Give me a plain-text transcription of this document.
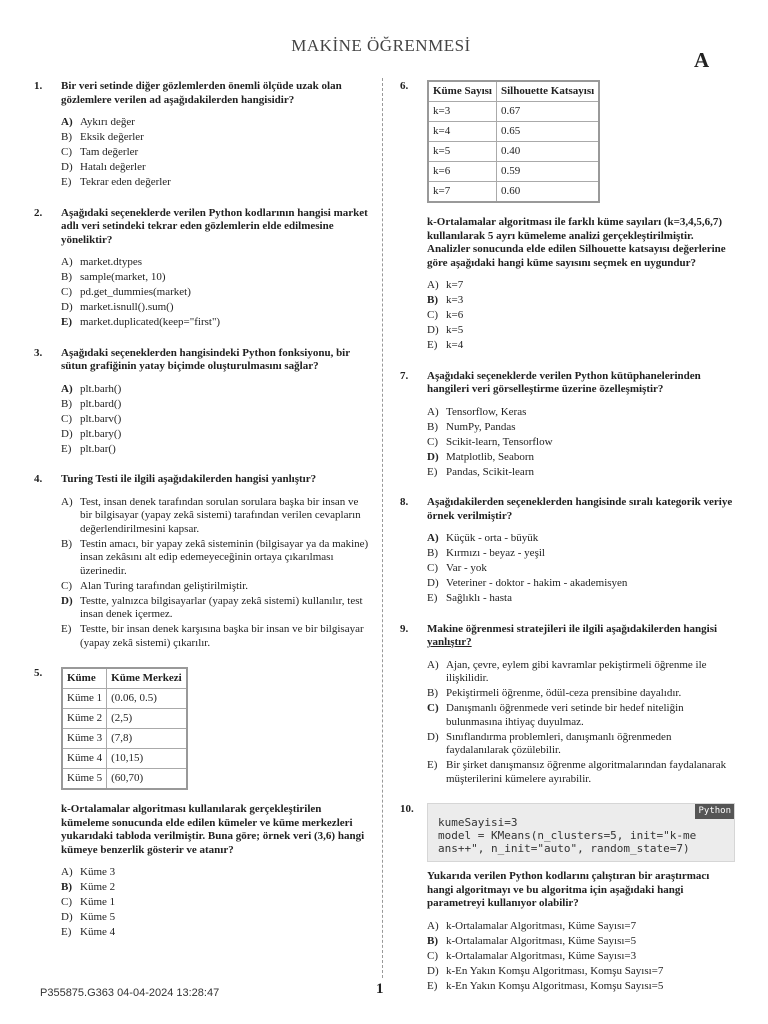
MAKİNE ÖĞRENMESİ
A
1. Bir veri setinde diğer gözlemlerden önemli ölçüde uzak olan gözlemlere verilen ad aşağıdakilerden hangisidir?

A) Aykırı değer
B) Eksik değerler
C) Tam değerler
D) Hatalı değerler
E) Tekrar eden değerler
2. Aşağıdaki seçeneklerde verilen Python kodlarının hangisi market adlı veri setindeki tekrar eden gözlemlerin elde edilmesine yöneliktir?

A) market.dtypes
B) sample(market, 10)
C) pd.get_dummies(market)
D) market.isnull().sum()
E) market.duplicated(keep="first")
3. Aşağıdaki seçeneklerden hangisindeki Python fonksiyonu, bir sütun grafiğinin yatay biçimde oluşturulmasını sağlar?

A) plt.barh()
B) plt.bard()
C) plt.barv()
D) plt.bary()
E) plt.bar()
4. Turing Testi ile ilgili aşağıdakilerden hangisi yanlıştır?

A) Test, insan denek tarafından sorulan sorulara başka bir insan ve bir bilgisayar (yapay zekâ sistemi) tarafından verilen cevapların değerlendirilmesini kapsar.
B) Testin amacı, bir yapay zekâ sisteminin (bilgisayar ya da makine) insan zekâsını alt edip edemeyeceğinin ortaya çıkarılması üzerinedir.
C) Alan Turing tarafından geliştirilmiştir.
D) Testte, yalnızca bilgisayarlar (yapay zekâ sistemi) kullanılır, test insan denek içermez.
E) Testte, bir insan denek karşısına başka bir insan ve bir bilgisayar (yapay zekâ sistemi) çıkarılır.
5. Küme	Küme Merkezi
Küme 1	(0.06, 0.5)
Küme 2	(2,5)
Küme 3	(7,8)
Küme 4	(10,15)
Küme 5	(60,70)

k-Ortalamalar algoritması kullanılarak gerçekleştirilen kümeleme sonucunda elde edilen kümeler ve küme merkezleri yukarıdaki tabloda verilmiştir. Buna göre; örnek veri (3,6) hangi kümeye benzerlik gösterir ve atanır?

A) Küme 3
B) Küme 2
C) Küme 1
D) Küme 5
E) Küme 4
6. Küme Sayısı	Silhouette Katsayısı
k=3	0.67
k=4	0.65
k=5	0.40
k=6	0.59
k=7	0.60

k-Ortalamalar algoritması ile farklı küme sayıları (k=3,4,5,6,7) kullanılarak 5 ayrı kümeleme analizi gerçekleştirilmiştir. Analizler sonucunda elde edilen Silhouette katsayısı değerlerine göre aşağıdaki hangi küme sayısını seçmek en uygundur?

A) k=7
B) k=3
C) k=6
D) k=5
E) k=4
7. Aşağıdaki seçeneklerde verilen Python kütüphanelerinden hangileri veri görselleştirme üzerine özelleşmiştir?

A) Tensorflow, Keras
B) NumPy, Pandas
C) Scikit-learn, Tensorflow
D) Matplotlib, Seaborn
E) Pandas, Scikit-learn
8. Aşağıdakilerden seçeneklerden hangisinde sıralı kategorik veriye örnek verilmiştir?

A) Küçük - orta - büyük
B) Kırmızı - beyaz - yeşil
C) Var - yok
D) Veteriner - doktor - hakim - akademisyen
E) Sağlıklı - hasta
9. Makine öğrenmesi stratejileri ile ilgili aşağıdakilerden hangisi yanlıştır?

A) Ajan, çevre, eylem gibi kavramlar pekiştirmeli öğrenme ile ilişkilidir.
B) Pekiştirmeli öğrenme, ödül-ceza prensibine dayalıdır.
C) Danışmanlı öğrenmede veri setinde bir hedef niteliğin bulunmasına ihtiyaç duyulmaz.
D) Sınıflandırma problemleri, danışmanlı öğrenmeden faydalanılarak çözülebilir.
E) Bir şirket danışmansız öğrenme algoritmalarından faydalanarak müşterilerini kümelere ayırabilir.
10.	Python
kumeSayisi=3
model = KMeans(n_clusters=5, init="k-me
ans++", n_init="auto", random_state=7)

Yukarıda verilen Python kodlarını çalıştıran bir araştırmacı hangi algoritmayı ve bu algoritma için aşağıdaki hangi parametreyi kullanıyor olabilir?

A) k-Ortalamalar Algoritması, Küme Sayısı=7
B) k-Ortalamalar Algoritması, Küme Sayısı=5
C) k-Ortalamalar Algoritması, Küme Sayısı=3
D) k-En Yakın Komşu Algoritması, Komşu Sayısı=7
E) k-En Yakın Komşu Algoritması, Komşu Sayısı=5
P355875.G363 04-04-2024 13:28:47	1
